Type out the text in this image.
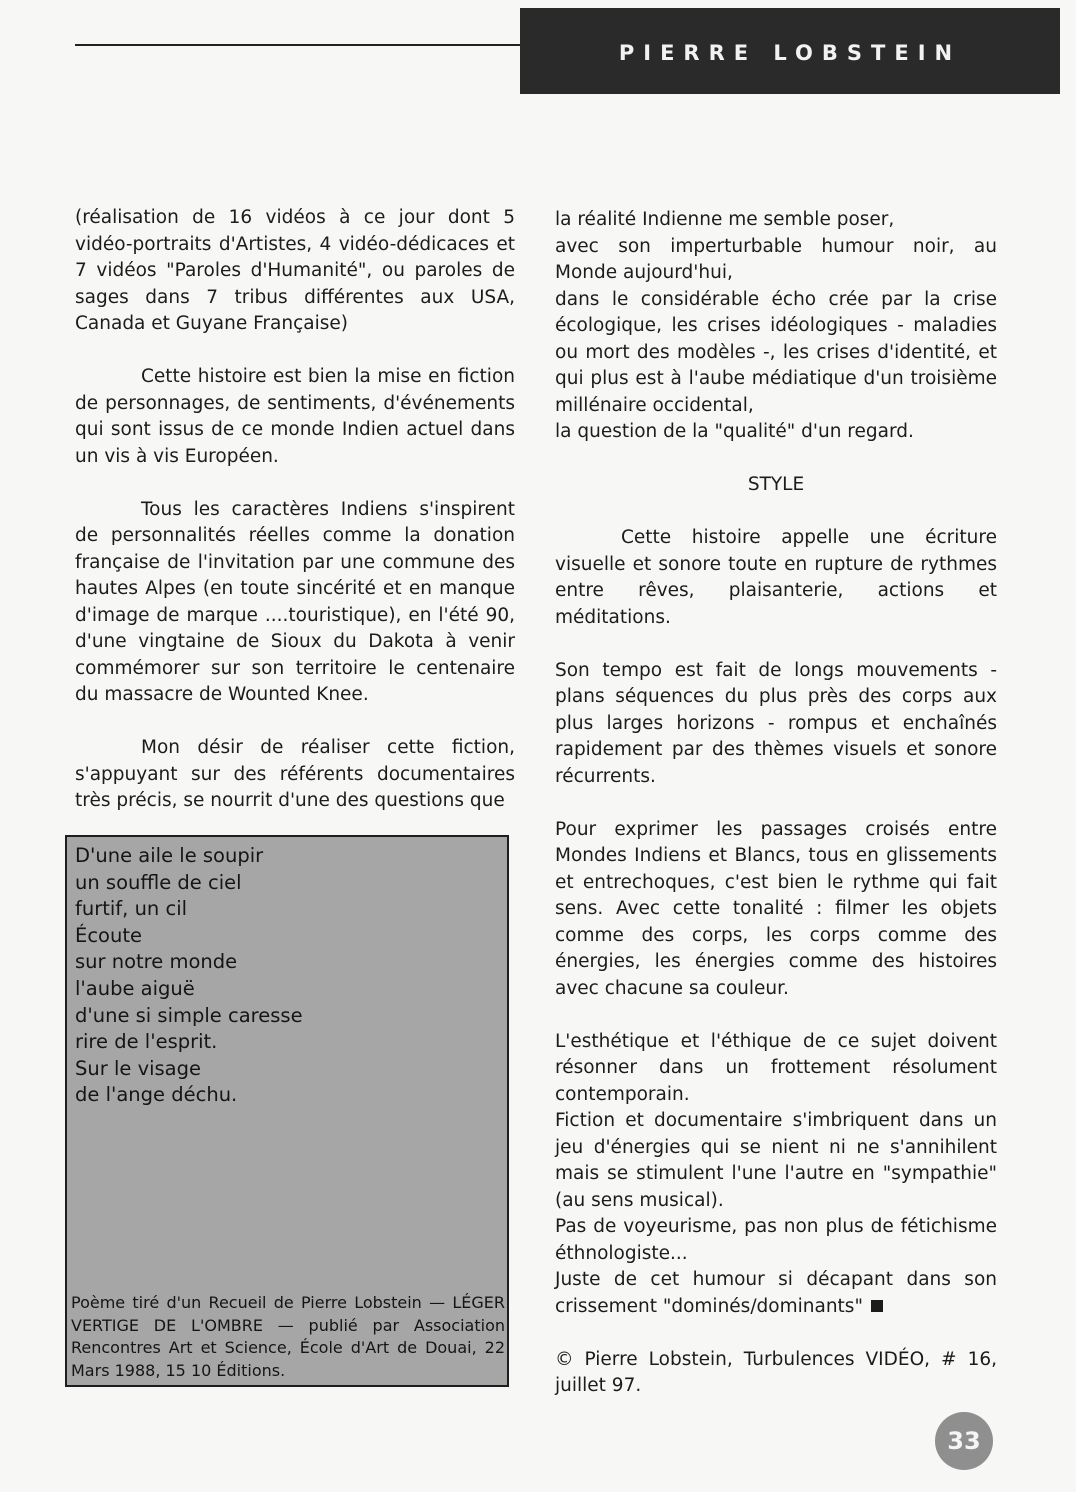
PIERRE LOBSTEIN

(réalisation de 16 vidéos à ce jour dont 5 vidéo-portraits d'Artistes, 4 vidéo-dédicaces et 7 vidéos "Paroles d'Humanité", ou paroles de sages dans 7 tribus différentes aux USA, Canada et Guyane Française)

Cette histoire est bien la mise en fiction de personnages, de sentiments, d'événements qui sont issus de ce monde Indien actuel dans un vis à vis Européen.

Tous les caractères Indiens s'inspirent de personnalités réelles comme la donation française de l'invitation par une commune des hautes Alpes (en toute sincérité et en manque d'image de marque ....touristique), en l'été 90, d'une vingtaine de Sioux du Dakota à venir commémorer sur son territoire le centenaire du massacre de Wounted Knee.

Mon désir de réaliser cette fiction, s'appuyant sur des référents documentaires très précis, se nourrit d'une des questions que

D'une aile le soupir
un souffle de ciel
furtif, un cil
Écoute
sur notre monde
l'aube aiguë
d'une si simple caresse
rire de l'esprit.
Sur le visage
de l'ange déchu.
Poème tiré d'un Recueil de Pierre Lobstein — LÉGER VERTIGE DE L'OMBRE — publié par Association Rencontres Art et Science, École d'Art de Douai, 22 Mars 1988, 15 10 Éditions.

la réalité Indienne me semble poser,
avec son imperturbable humour noir, au Monde aujourd'hui,
dans le considérable écho crée par la crise écologique, les crises idéologiques - maladies ou mort des modèles -, les crises d'identité, et qui plus est à l'aube médiatique d'un troisième millénaire occidental,
la question de la "qualité" d'un regard.

STYLE

Cette histoire appelle une écriture visuelle et sonore toute en rupture de rythmes entre rêves, plaisanterie, actions et méditations.

Son tempo est fait de longs mouvements - plans séquences du plus près des corps aux plus larges horizons - rompus et enchaînés rapidement par des thèmes visuels et sonore récurrents.

Pour exprimer les passages croisés entre Mondes Indiens et Blancs, tous en glissements et entrechoques, c'est bien le rythme qui fait sens. Avec cette tonalité : filmer les objets comme des corps, les corps comme des énergies, les énergies comme des histoires avec chacune sa couleur.

L'esthétique et l'éthique de ce sujet doivent résonner dans un frottement résolument contemporain.
Fiction et documentaire s'imbriquent dans un jeu d'énergies qui se nient ni ne s'annihilent mais se stimulent l'une l'autre en "sympathie" (au sens musical).
Pas de voyeurisme, pas non plus de fétichisme éthnologiste...
Juste de cet humour si décapant dans son crissement "dominés/dominants"

© Pierre Lobstein, Turbulences VIDÉO, # 16, juillet 97.

33
